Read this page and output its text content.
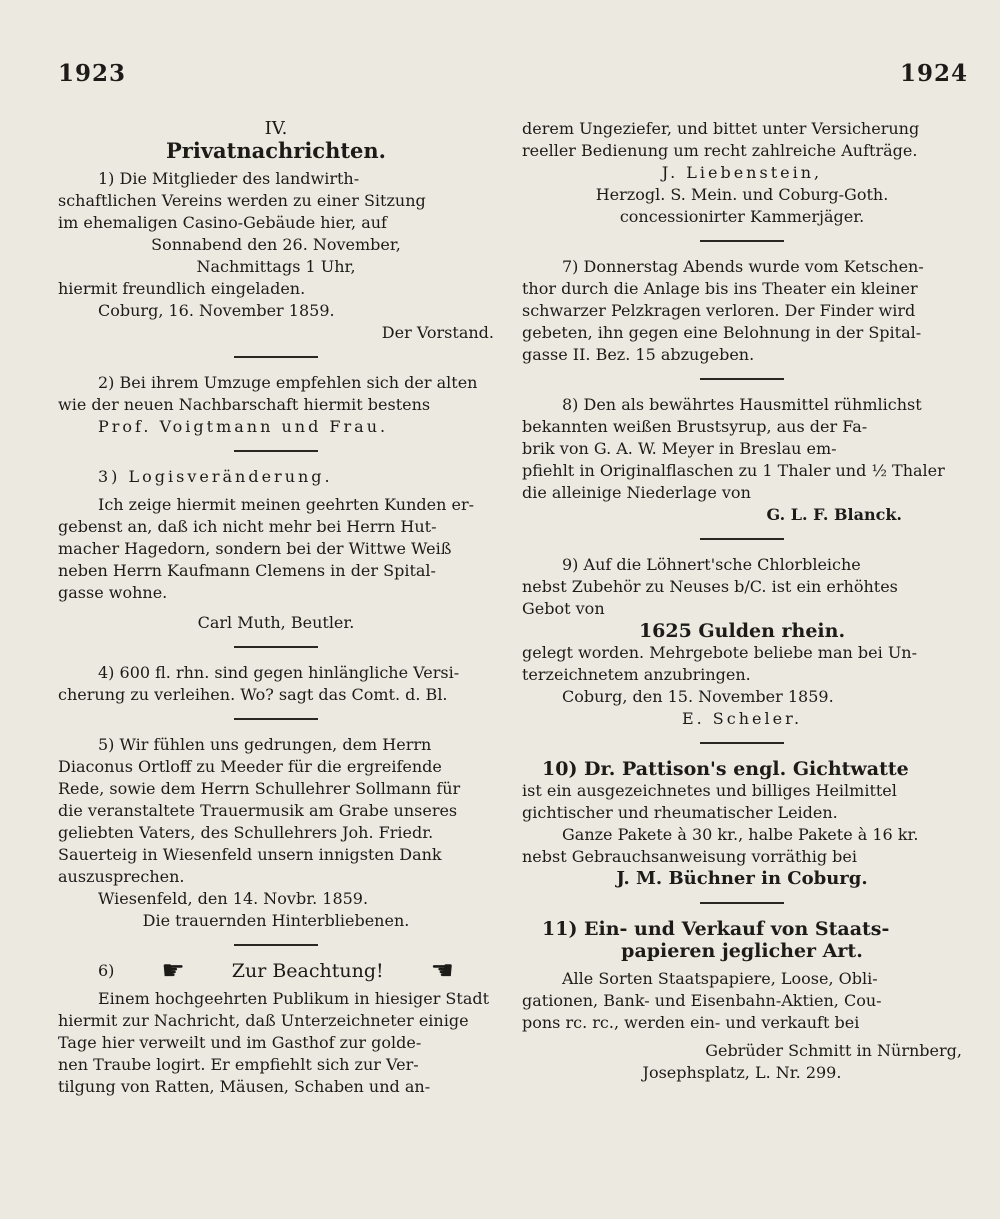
1923	1924

IV.

Privatnachrichten.

1) Die Mitglieder des landwirth-

schaftlichen Vereins werden zu einer Sitzung

im ehemaligen Casino-Gebäude hier, auf

Sonnabend den 26. November,

Nachmittags 1 Uhr,

hiermit freundlich eingeladen.

Coburg, 16. November 1859.

Der Vorstand.

2) Bei ihrem Umzuge empfehlen sich der alten

wie der neuen Nachbarschaft hiermit bestens

Prof. Voigtmann und Frau.

3) Logisveränderung.

Ich zeige hiermit meinen geehrten Kunden er-

gebenst an, daß ich nicht mehr bei Herrn Hut-

macher Hagedorn, sondern bei der Wittwe Weiß

neben Herrn Kaufmann Clemens in der Spital-

gasse wohne.

Carl Muth, Beutler.

4) 600 fl. rhn. sind gegen hinlängliche Versi-

cherung zu verleihen. Wo? sagt das Comt. d. Bl.

5) Wir fühlen uns gedrungen, dem Herrn

Diaconus Ortloff zu Meeder für die ergreifende

Rede, sowie dem Herrn Schullehrer Sollmann für

die veranstaltete Trauermusik am Grabe unseres

geliebten Vaters, des Schullehrers Joh. Friedr.

Sauerteig in Wiesenfeld unsern innigsten Dank

auszusprechen.

Wiesenfeld, den 14. Novbr. 1859.

Die trauernden Hinterbliebenen.

6) ☛ Zur Beachtung! ☚

Einem hochgeehrten Publikum in hiesiger Stadt

hiermit zur Nachricht, daß Unterzeichneter einige

Tage hier verweilt und im Gasthof zur golde-

nen Traube logirt. Er empfiehlt sich zur Ver-

tilgung von Ratten, Mäusen, Schaben und an-

derem Ungeziefer, und bittet unter Versicherung

reeller Bedienung um recht zahlreiche Aufträge.

J. Liebenstein,

Herzogl. S. Mein. und Coburg-Goth.

concessionirter Kammerjäger.

7) Donnerstag Abends wurde vom Ketschen-

thor durch die Anlage bis ins Theater ein kleiner

schwarzer Pelzkragen verloren. Der Finder wird

gebeten, ihn gegen eine Belohnung in der Spital-

gasse II. Bez. 15 abzugeben.

8) Den als bewährtes Hausmittel rühmlichst

bekannten weißen Brustsyrup, aus der Fa-

brik von G. A. W. Meyer in Breslau em-

pfiehlt in Originalflaschen zu 1 Thaler und ½ Thaler

die alleinige Niederlage von

G. L. F. Blanck.

9) Auf die Löhnert'sche Chlorbleiche

nebst Zubehör zu Neuses b/C. ist ein erhöhtes

Gebot von

1625 Gulden rhein.

gelegt worden. Mehrgebote beliebe man bei Un-

terzeichnetem anzubringen.

Coburg, den 15. November 1859.

E. Scheler.

10) Dr. Pattison's engl. Gichtwatte

ist ein ausgezeichnetes und billiges Heilmittel

gichtischer und rheumatischer Leiden.

Ganze Pakete à 30 kr., halbe Pakete à 16 kr.

nebst Gebrauchsanweisung vorräthig bei

J. M. Büchner in Coburg.

11) Ein- und Verkauf von Staats-

papieren jeglicher Art.

Alle Sorten Staatspapiere, Loose, Obli-

gationen, Bank- und Eisenbahn-Aktien, Cou-

pons rc. rc., werden ein- und verkauft bei

Gebrüder Schmitt in Nürnberg,

Josephsplatz, L. Nr. 299.
